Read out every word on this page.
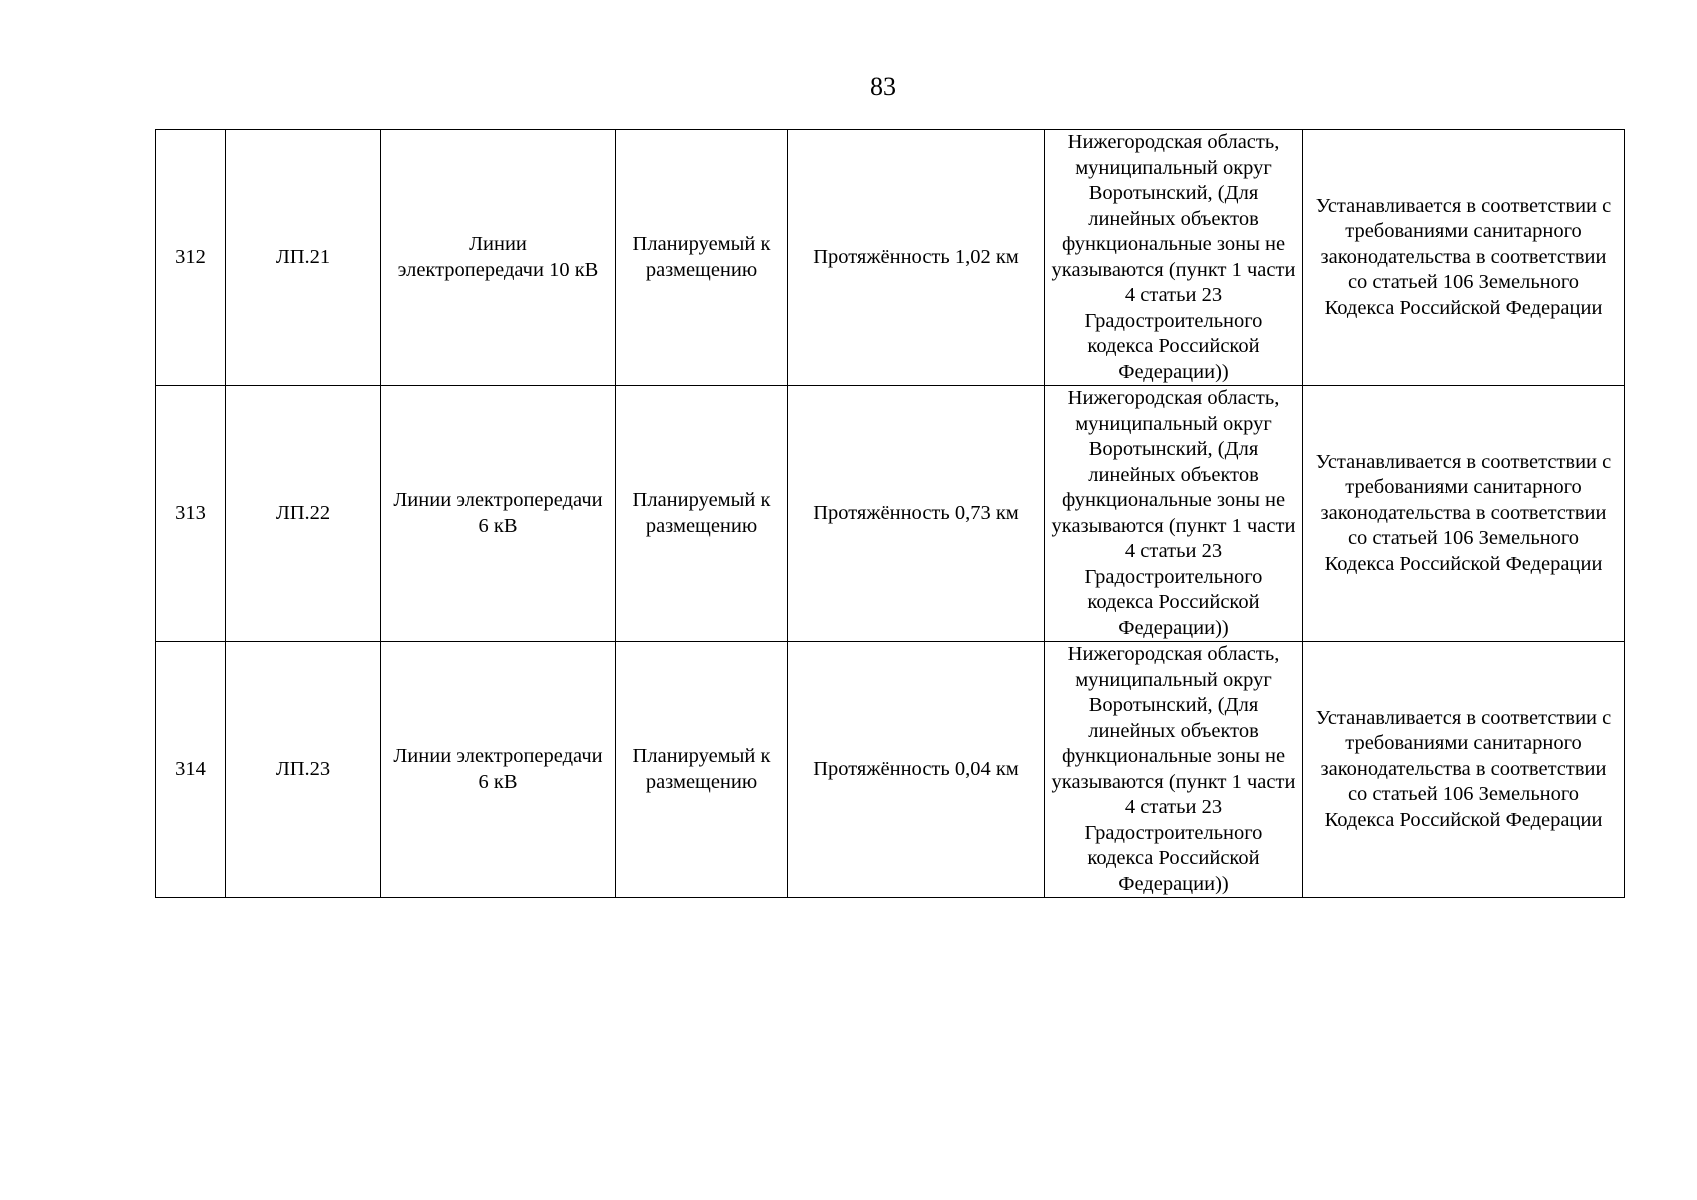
83
312	ЛП.21	Линии электропередачи 10 кВ	Планируемый к размещению	Протяжённость 1,02 км	Нижегородская область, муниципальный округ Воротынский, (Для линейных объектов функциональные зоны не указываются (пункт 1 части 4 статьи 23 Градостроительного кодекса Российской Федерации))	Устанавливается в соответствии с требованиями санитарного законодательства в соответствии со статьей 106 Земельного Кодекса Российской Федерации

313	ЛП.22	Линии электропередачи 6 кВ	Планируемый к размещению	Протяжённость 0,73 км	Нижегородская область, муниципальный округ Воротынский, (Для линейных объектов функциональные зоны не указываются (пункт 1 части 4 статьи 23 Градостроительного кодекса Российской Федерации))	Устанавливается в соответствии с требованиями санитарного законодательства в соответствии со статьей 106 Земельного Кодекса Российской Федерации

314	ЛП.23	Линии электропередачи 6 кВ	Планируемый к размещению	Протяжённость 0,04 км	Нижегородская область, муниципальный округ Воротынский, (Для линейных объектов функциональные зоны не указываются (пункт 1 части 4 статьи 23 Градостроительного кодекса Российской Федерации))	Устанавливается в соответствии с требованиями санитарного законодательства в соответствии со статьей 106 Земельного Кодекса Российской Федерации
